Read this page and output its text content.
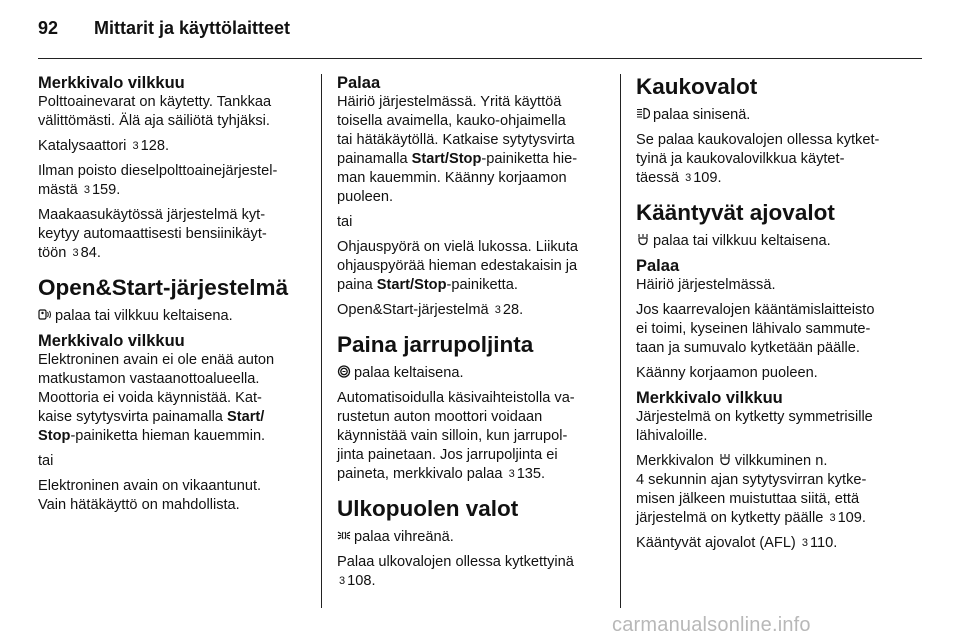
92 Mittarit ja käyttölaitteet
Merkkivalo vilkkuu
Polttoainevarat on käytetty. Tankkaa
välittömästi. Älä aja säiliötä tyhjäksi.
Katalysaattori 3 128.
Ilman poisto dieselpolttoainejärjestel-
mästä 3 159.
Maakaasukäytössä järjestelmä kyt-
keytyy automaattisesti bensiinikäyt-
töön 3 84.
Open&Start-järjestelmä
palaa tai vilkkuu keltaisena.
Merkkivalo vilkkuu
Elektroninen avain ei ole enää auton
matkustamon vastaanottoalueella.
Moottoria ei voida käynnistää. Kat-
kaise sytytysvirta painamalla Start/
Stop-painiketta hieman kauemmin.
tai
Elektroninen avain on vikaantunut.
Vain hätäkäyttö on mahdollista.
Palaa
Häiriö järjestelmässä. Yritä käyttöä
toisella avaimella, kauko-ohjaimella
tai hätäkäytöllä. Katkaise sytytysvirta
painamalla Start/Stop-painiketta hie-
man kauemmin. Käänny korjaamon
puoleen.
tai
Ohjauspyörä on vielä lukossa. Liikuta
ohjauspyörää hieman edestakaisin ja
paina Start/Stop-painiketta.
Open&Start-järjestelmä 3 28.
Paina jarrupoljinta
palaa keltaisena.
Automatisoidulla käsivaihteistolla va-
rustetun auton moottori voidaan
käynnistää vain silloin, kun jarrupol-
jinta painetaan. Jos jarrupoljinta ei
paineta, merkkivalo palaa 3 135.
Ulkopuolen valot
palaa vihreänä.
Palaa ulkovalojen ollessa kytkettyinä
3 108.
Kaukovalot
palaa sinisenä.
Se palaa kaukovalojen ollessa kytket-
tyinä ja kaukovalovilkkua käytet-
täessä 3 109.
Kääntyvät ajovalot
palaa tai vilkkuu keltaisena.
Palaa
Häiriö järjestelmässä.
Jos kaarrevalojen kääntämislaitteisto
ei toimi, kyseinen lähivalo sammute-
taan ja sumuvalo kytketään päälle.
Käänny korjaamon puoleen.
Merkkivalo vilkkuu
Järjestelmä on kytketty symmetrisille
lähivaloille.
Merkkivalon vilkkuminen n.
4 sekunnin ajan sytytysvirran kytke-
misen jälkeen muistuttaa siitä, että
järjestelmä on kytketty päälle 3 109.
Kääntyvät ajovalot (AFL) 3 110.
carmanualsonline.info
